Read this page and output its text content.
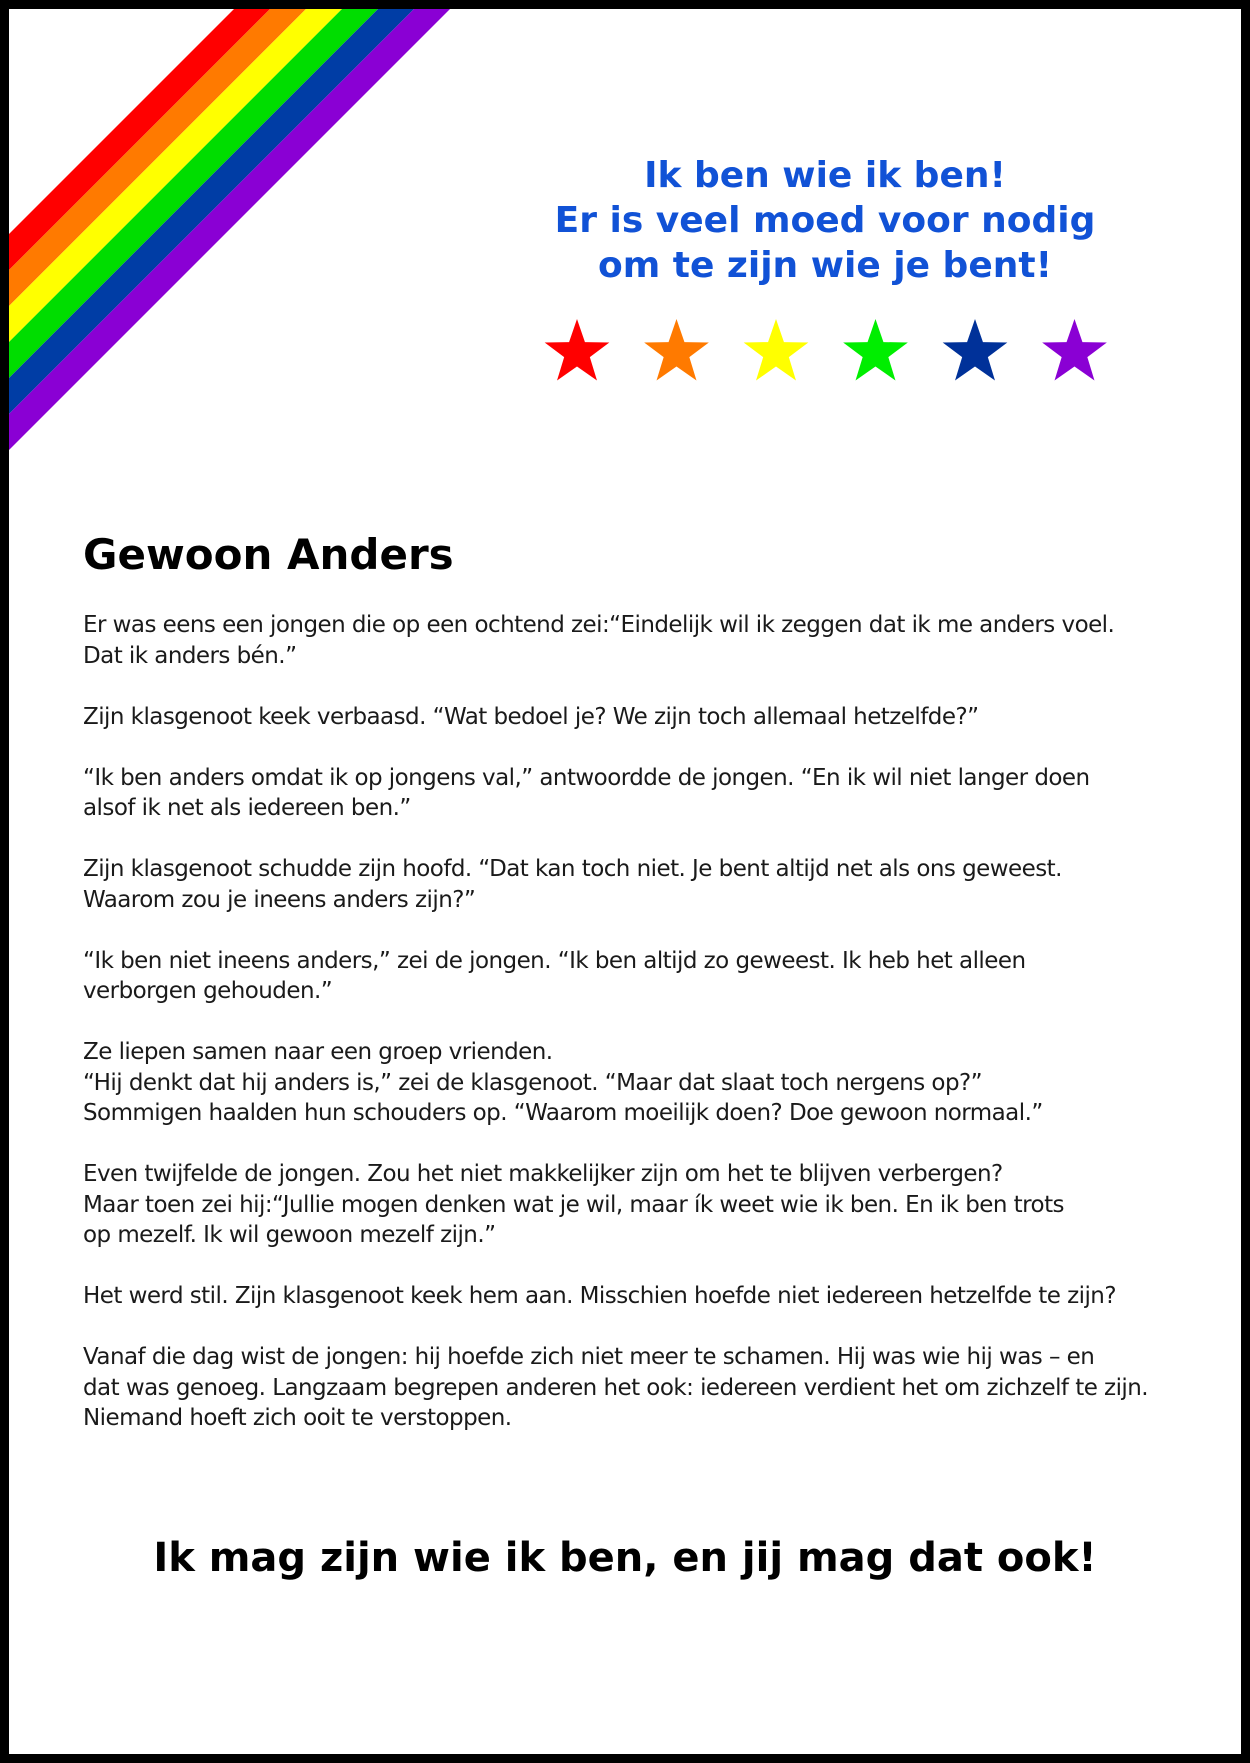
Ik ben wie ik ben!
Er is veel moed voor nodig
om te zijn wie je bent!
Gewoon Anders

Er was eens een jongen die op een ochtend zei:“Eindelijk wil ik zeggen dat ik me anders voel.
Dat ik anders bén.”

Zijn klasgenoot keek verbaasd. “Wat bedoel je? We zijn toch allemaal hetzelfde?”

“Ik ben anders omdat ik op jongens val,” antwoordde de jongen. “En ik wil niet langer doen
alsof ik net als iedereen ben.”

Zijn klasgenoot schudde zijn hoofd. “Dat kan toch niet. Je bent altijd net als ons geweest.
Waarom zou je ineens anders zijn?”

“Ik ben niet ineens anders,” zei de jongen. “Ik ben altijd zo geweest. Ik heb het alleen
verborgen gehouden.”

Ze liepen samen naar een groep vrienden.
“Hij denkt dat hij anders is,” zei de klasgenoot. “Maar dat slaat toch nergens op?”
Sommigen haalden hun schouders op. “Waarom moeilijk doen? Doe gewoon normaal.”

Even twijfelde de jongen. Zou het niet makkelijker zijn om het te blijven verbergen?
Maar toen zei hij:“Jullie mogen denken wat je wil, maar ík weet wie ik ben. En ik ben trots
op mezelf. Ik wil gewoon mezelf zijn.”

Het werd stil. Zijn klasgenoot keek hem aan. Misschien hoefde niet iedereen hetzelfde te zijn?

Vanaf die dag wist de jongen: hij hoefde zich niet meer te schamen. Hij was wie hij was – en
dat was genoeg. Langzaam begrepen anderen het ook: iedereen verdient het om zichzelf te zijn.
Niemand hoeft zich ooit te verstoppen.

Ik mag zijn wie ik ben, en jij mag dat ook!
